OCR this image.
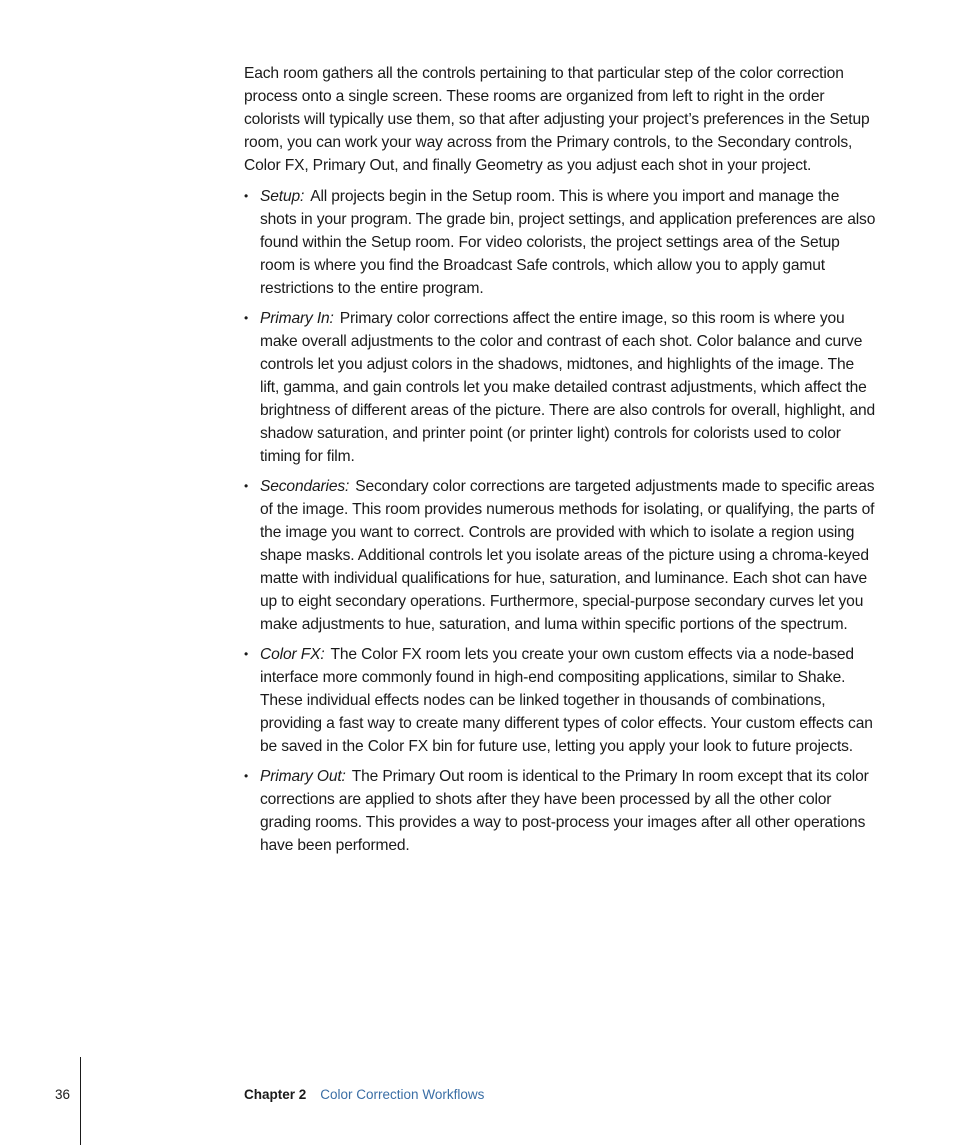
Each room gathers all the controls pertaining to that particular step of the color correction process onto a single screen. These rooms are organized from left to right in the order colorists will typically use them, so that after adjusting your project’s preferences in the Setup room, you can work your way across from the Primary controls, to the Secondary controls, Color FX, Primary Out, and finally Geometry as you adjust each shot in your project.

• Setup: All projects begin in the Setup room. This is where you import and manage the shots in your program. The grade bin, project settings, and application preferences are also found within the Setup room. For video colorists, the project settings area of the Setup room is where you find the Broadcast Safe controls, which allow you to apply gamut restrictions to the entire program.
• Primary In: Primary color corrections affect the entire image, so this room is where you make overall adjustments to the color and contrast of each shot. Color balance and curve controls let you adjust colors in the shadows, midtones, and highlights of the image. The lift, gamma, and gain controls let you make detailed contrast adjustments, which affect the brightness of different areas of the picture. There are also controls for overall, highlight, and shadow saturation, and printer point (or printer light) controls for colorists used to color timing for film.
• Secondaries: Secondary color corrections are targeted adjustments made to specific areas of the image. This room provides numerous methods for isolating, or qualifying, the parts of the image you want to correct. Controls are provided with which to isolate a region using shape masks. Additional controls let you isolate areas of the picture using a chroma-keyed matte with individual qualifications for hue, saturation, and luminance. Each shot can have up to eight secondary operations. Furthermore, special-purpose secondary curves let you make adjustments to hue, saturation, and luma within specific portions of the spectrum.
• Color FX: The Color FX room lets you create your own custom effects via a node-based interface more commonly found in high-end compositing applications, similar to Shake. These individual effects nodes can be linked together in thousands of combinations, providing a fast way to create many different types of color effects. Your custom effects can be saved in the Color FX bin for future use, letting you apply your look to future projects.
• Primary Out: The Primary Out room is identical to the Primary In room except that its color corrections are applied to shots after they have been processed by all the other color grading rooms. This provides a way to post-process your images after all other operations have been performed.
36	Chapter 2 Color Correction Workflows
